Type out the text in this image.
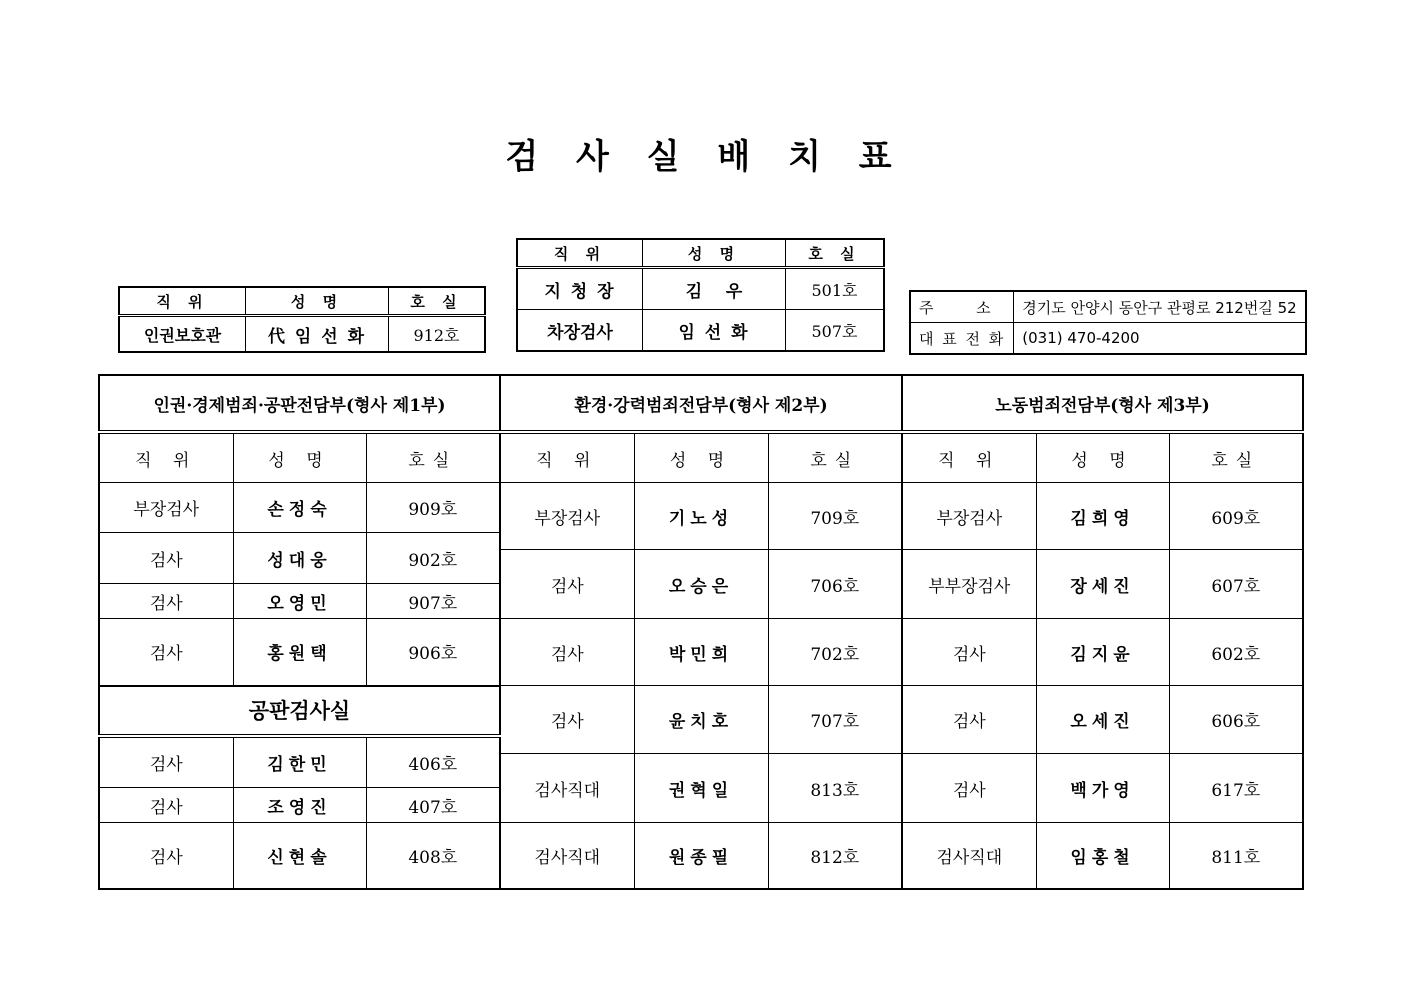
검 사 실 배 치 표
직 위	성 명	호 실
인권보호관	代 임 선 화	912호
직 위	성 명	호 실
지 청 장	김    우	501호
차장검사	임 선 화	507호
주      소	경기도 안양시 동안구 관평로 212번길 52
대 표 전 화	(031) 470-4200
인권·경제범죄·공판전담부(형사 제1부)			환경·강력범죄전담부(형사 제2부)			노동범죄전담부(형사 제3부)		
직 위	성 명	호실	직 위	성 명	호실	직 위	성 명	호실
부장검사	손정숙	909호	부장검사	기노성	709호	부장검사	김희영	609호
검사	성대웅	902호						
			검사	오승은	706호	부부장검사	장세진	607호
검사	오영민	907호						

검사	홍원택	906호	검사	박민희	702호	검사	김지윤	602호

공판검사실			검사	윤치호	707호	검사	오세진	606호
검사	김한민	406호						
			검사직대	권혁일	813호	검사	백가영	617호
검사	조영진	407호						

검사	신현솔	408호	검사직대	원종필	812호	검사직대	임홍철	811호
